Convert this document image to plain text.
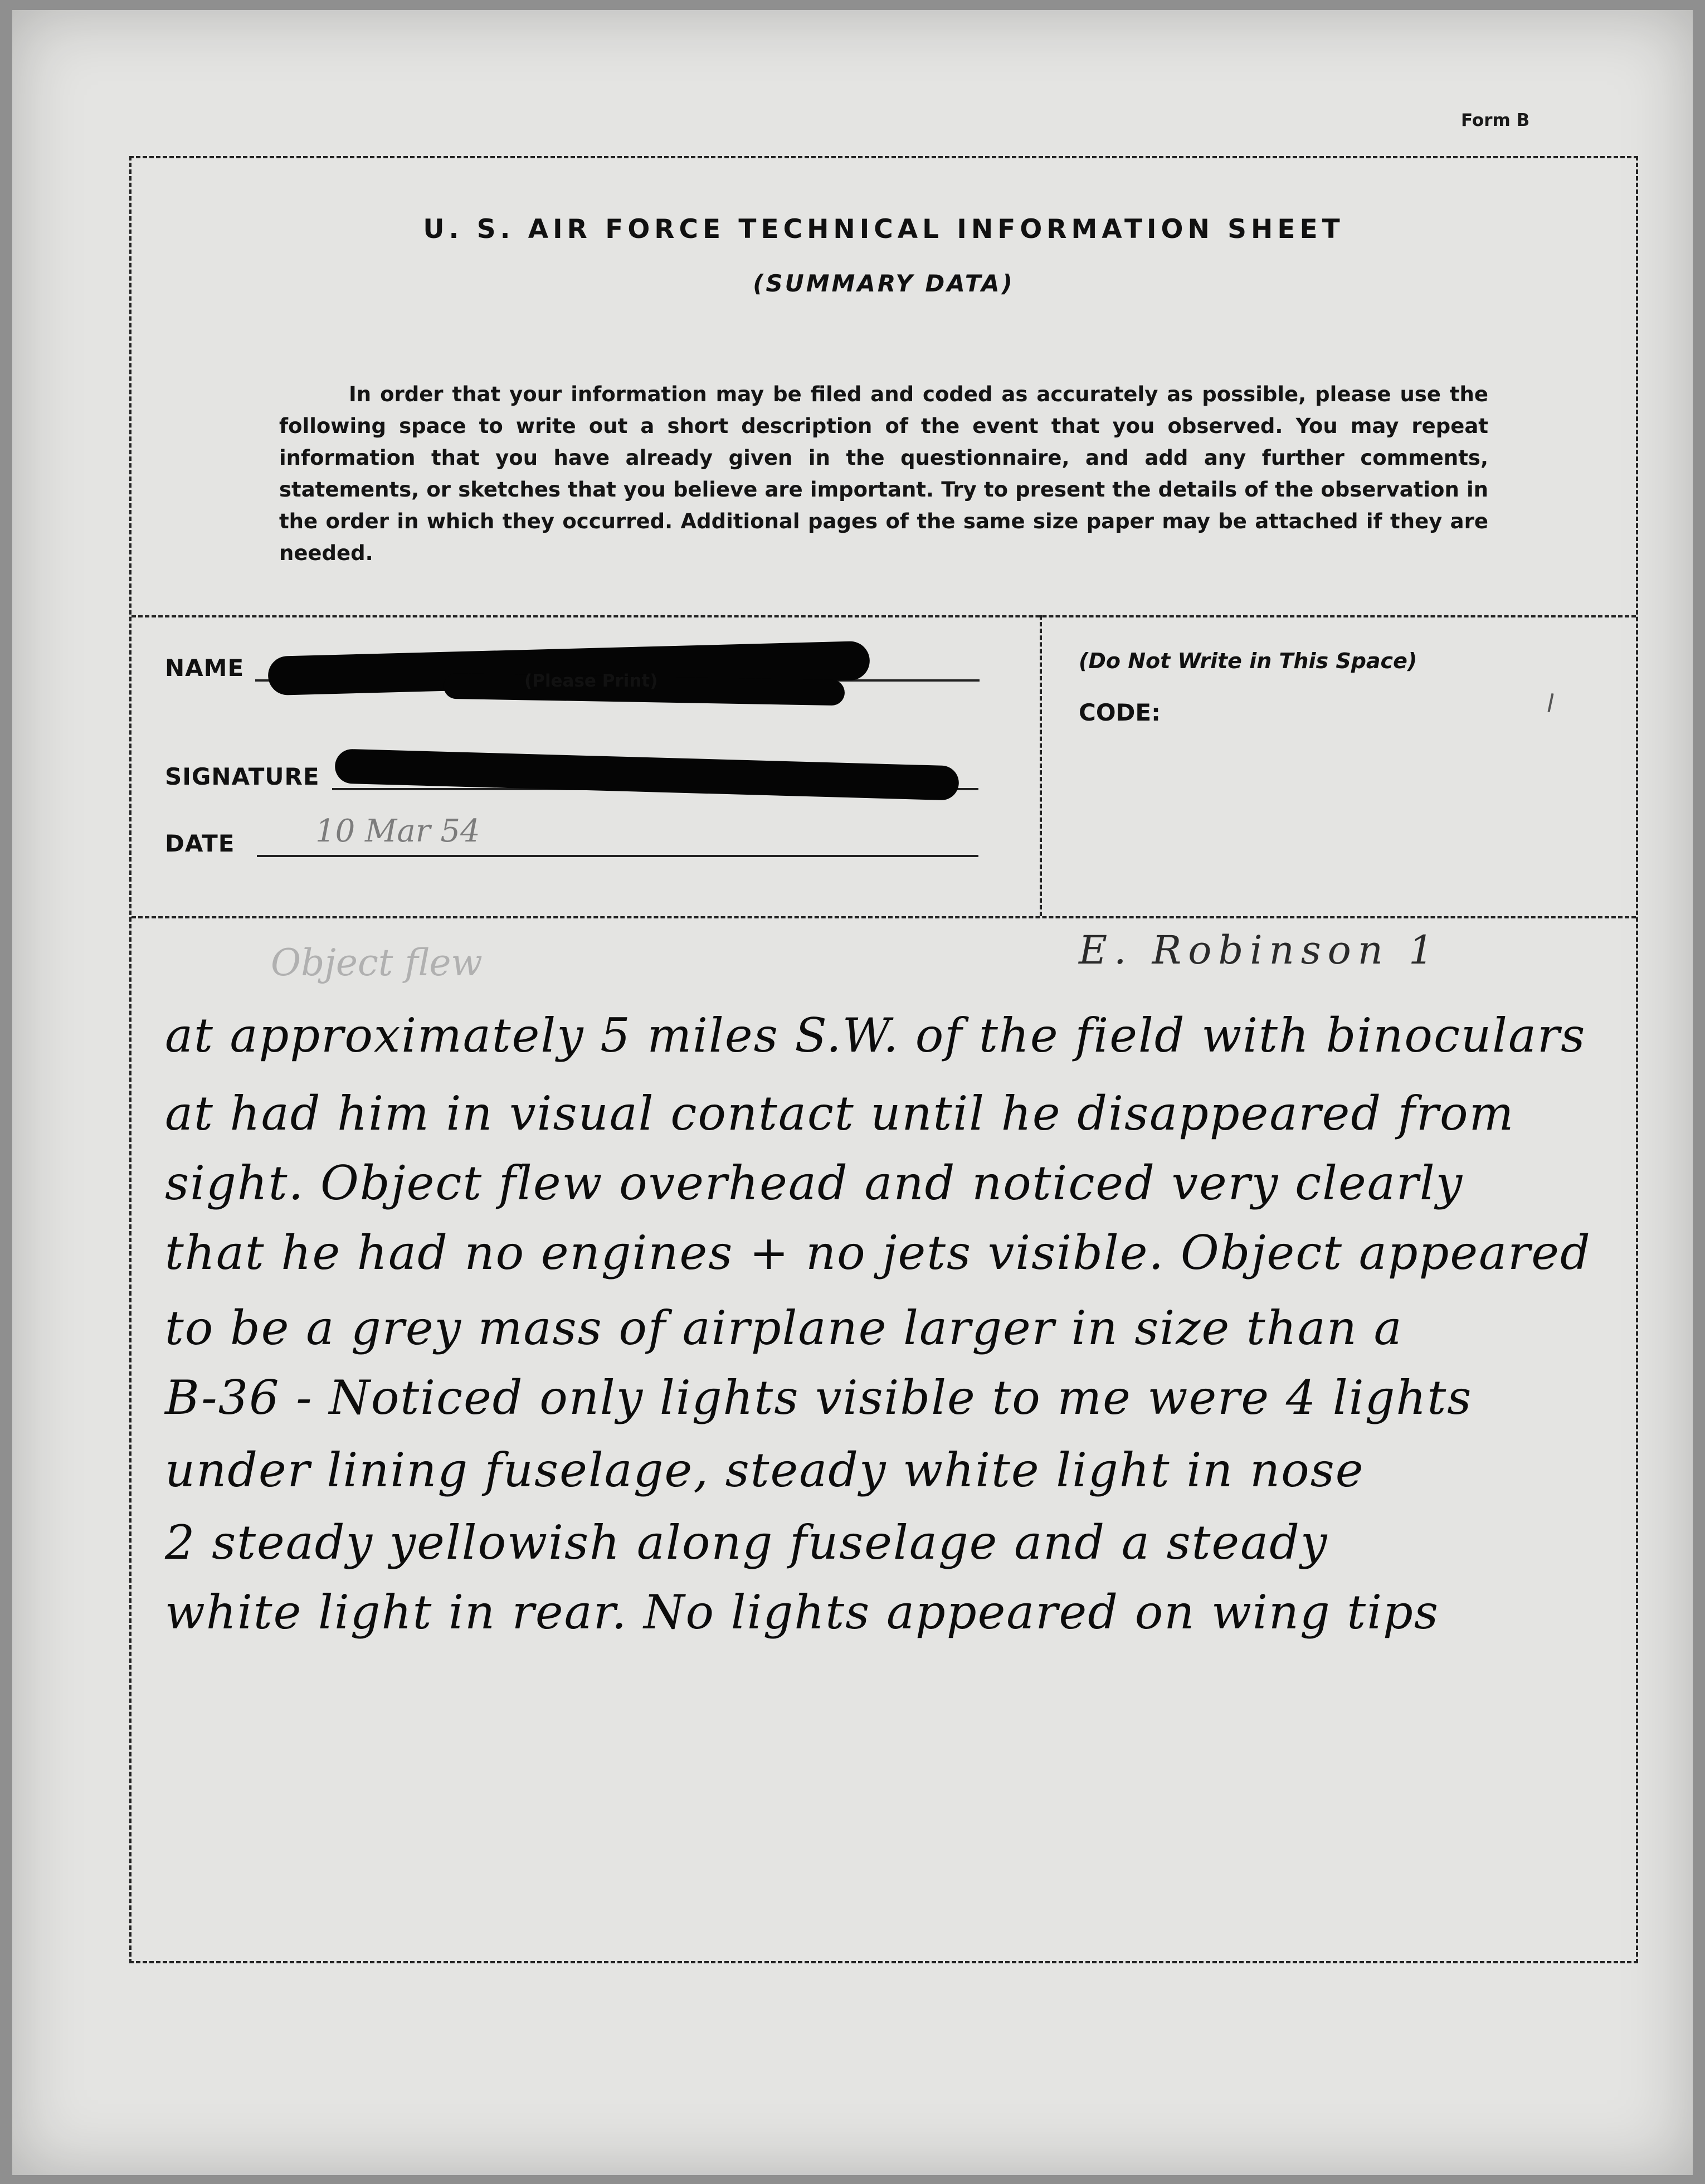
Form B
U. S. AIR FORCE TECHNICAL INFORMATION SHEET
(SUMMARY DATA)
In order that your information may be filed and coded as accurately as possible, please use the following space to write out a short description of the event that you observed. You may repeat information that you have already given in the questionnaire, and add any further comments, statements, or sketches that you believe are important. Try to present the details of the observation in the order in which they occurred. Additional pages of the same size paper may be attached if they are needed.
NAME	(Please Print)
SIGNATURE
DATE	10 Mar 54
(Do Not Write in This Space)
CODE:
Object flew	E. Robinson 1
at approximately 5 miles S.W. of the field with binoculars
at had him in visual contact until he disappeared from
sight. Object flew overhead and noticed very clearly
that he had no engines + no jets visible. Object appeared
to be a grey mass of airplane larger in size than a
B-36 - Noticed only lights visible to me were 4 lights
under lining fuselage, steady white light in nose
2 steady yellowish along fuselage and a steady
white light in rear. No lights appeared on wing tips
